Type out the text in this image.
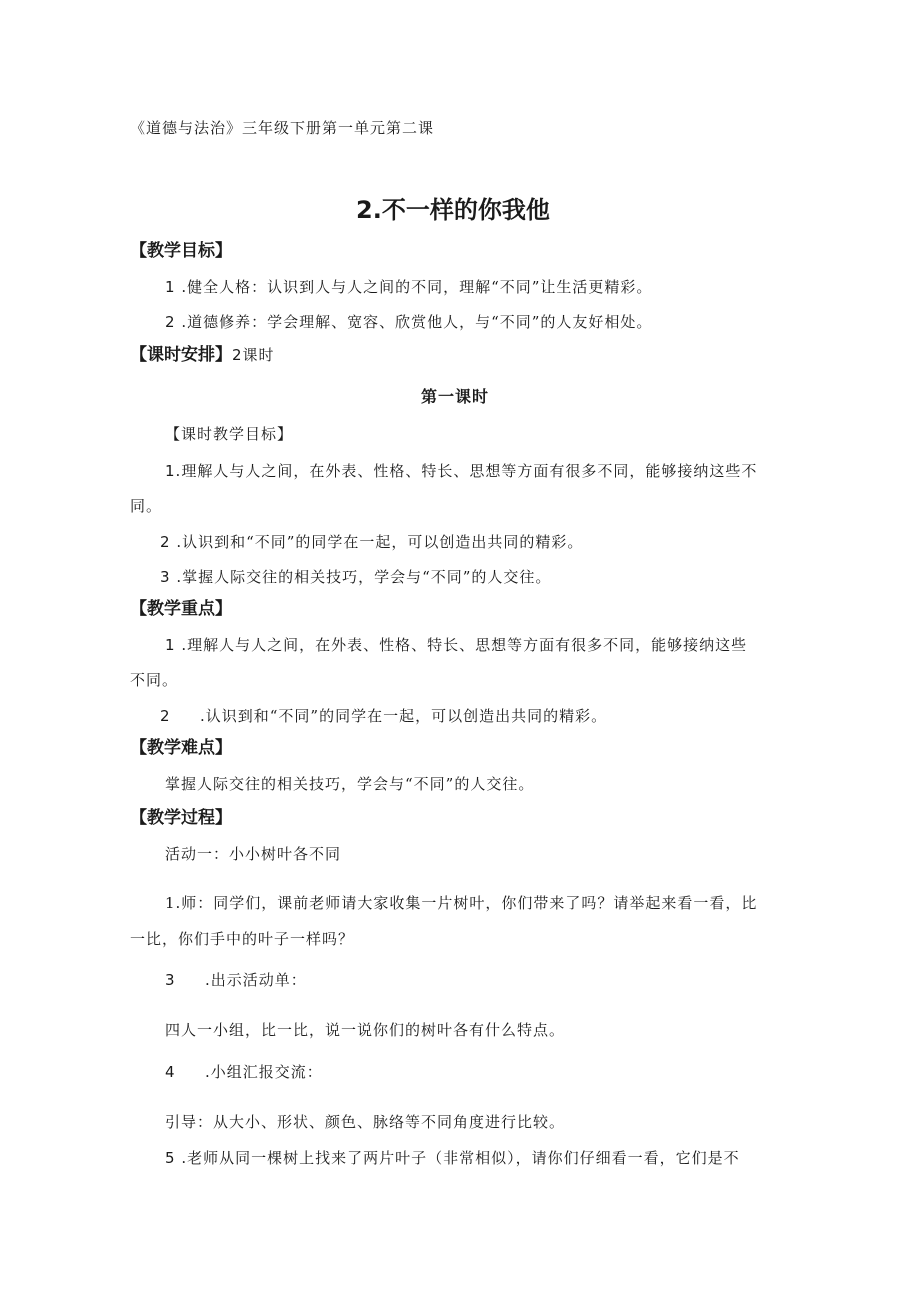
《道德与法治》三年级下册第一单元第二课
2.不一样的你我他
【教学目标】
1 .健全人格：认识到人与人之间的不同，理解“不同”让生活更精彩。
2 .道德修养：学会理解、宽容、欣赏他人，与“不同”的人友好相处。
【课时安排】2课时
第一课时
【课时教学目标】
1.理解人与人之间，在外表、性格、特长、思想等方面有很多不同，能够接纳这些不
同。
2 .认识到和“不同”的同学在一起，可以创造出共同的精彩。
3 .掌握人际交往的相关技巧，学会与“不同”的人交往。
【教学重点】
1 .理解人与人之间，在外表、性格、特长、思想等方面有很多不同，能够接纳这些
不同。
2 .认识到和“不同”的同学在一起，可以创造出共同的精彩。
【教学难点】
掌握人际交往的相关技巧，学会与“不同”的人交往。
【教学过程】
活动一：小小树叶各不同
1.师：同学们，课前老师请大家收集一片树叶，你们带来了吗？请举起来看一看，比
一比，你们手中的叶子一样吗？
3 .出示活动单：
四人一小组，比一比，说一说你们的树叶各有什么特点。
4 .小组汇报交流：
引导：从大小、形状、颜色、脉络等不同角度进行比较。
5 .老师从同一棵树上找来了两片叶子（非常相似），请你们仔细看一看，它们是不
